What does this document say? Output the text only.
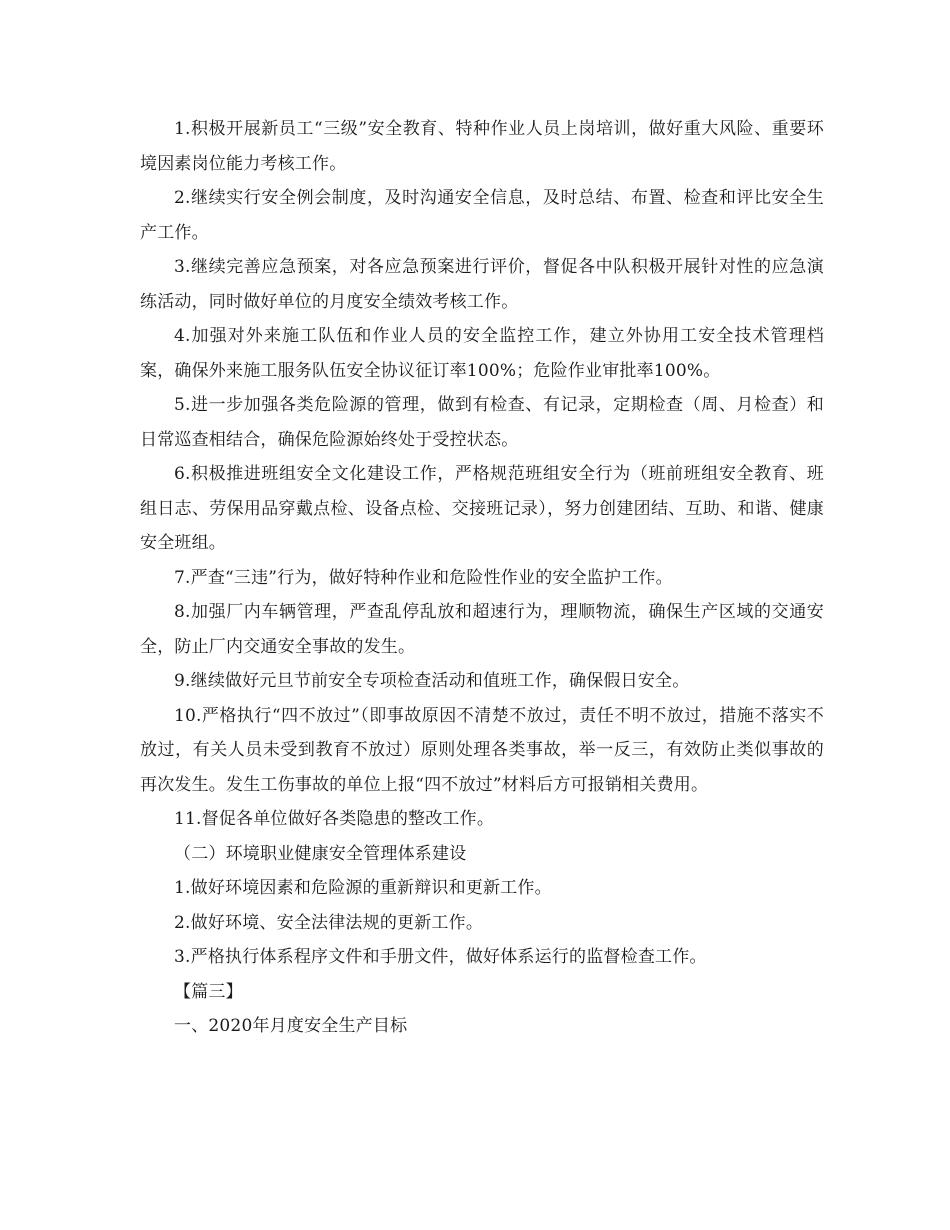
1.积极开展新员工“三级”安全教育、特种作业人员上岗培训，做好重大风险、重要环境因素岗位能力考核工作。

2.继续实行安全例会制度，及时沟通安全信息，及时总结、布置、检查和评比安全生产工作。

3.继续完善应急预案，对各应急预案进行评价，督促各中队积极开展针对性的应急演练活动，同时做好单位的月度安全绩效考核工作。

4.加强对外来施工队伍和作业人员的安全监控工作，建立外协用工安全技术管理档案，确保外来施工服务队伍安全协议征订率100%；危险作业审批率100%。

5.进一步加强各类危险源的管理，做到有检查、有记录，定期检查（周、月检查）和日常巡查相结合，确保危险源始终处于受控状态。

6.积极推进班组安全文化建设工作，严格规范班组安全行为（班前班组安全教育、班组日志、劳保用品穿戴点检、设备点检、交接班记录），努力创建团结、互助、和谐、健康安全班组。

7.严查“三违”行为，做好特种作业和危险性作业的安全监护工作。

8.加强厂内车辆管理，严查乱停乱放和超速行为，理顺物流，确保生产区域的交通安全，防止厂内交通安全事故的发生。

9.继续做好元旦节前安全专项检查活动和值班工作，确保假日安全。

10.严格执行“四不放过”（即事故原因不清楚不放过，责任不明不放过，措施不落实不放过，有关人员未受到教育不放过）原则处理各类事故，举一反三，有效防止类似事故的再次发生。发生工伤事故的单位上报“四不放过”材料后方可报销相关费用。

11.督促各单位做好各类隐患的整改工作。

（二）环境职业健康安全管理体系建设

1.做好环境因素和危险源的重新辩识和更新工作。

2.做好环境、安全法律法规的更新工作。

3.严格执行体系程序文件和手册文件，做好体系运行的监督检查工作。

【篇三】

一、2020年月度安全生产目标
